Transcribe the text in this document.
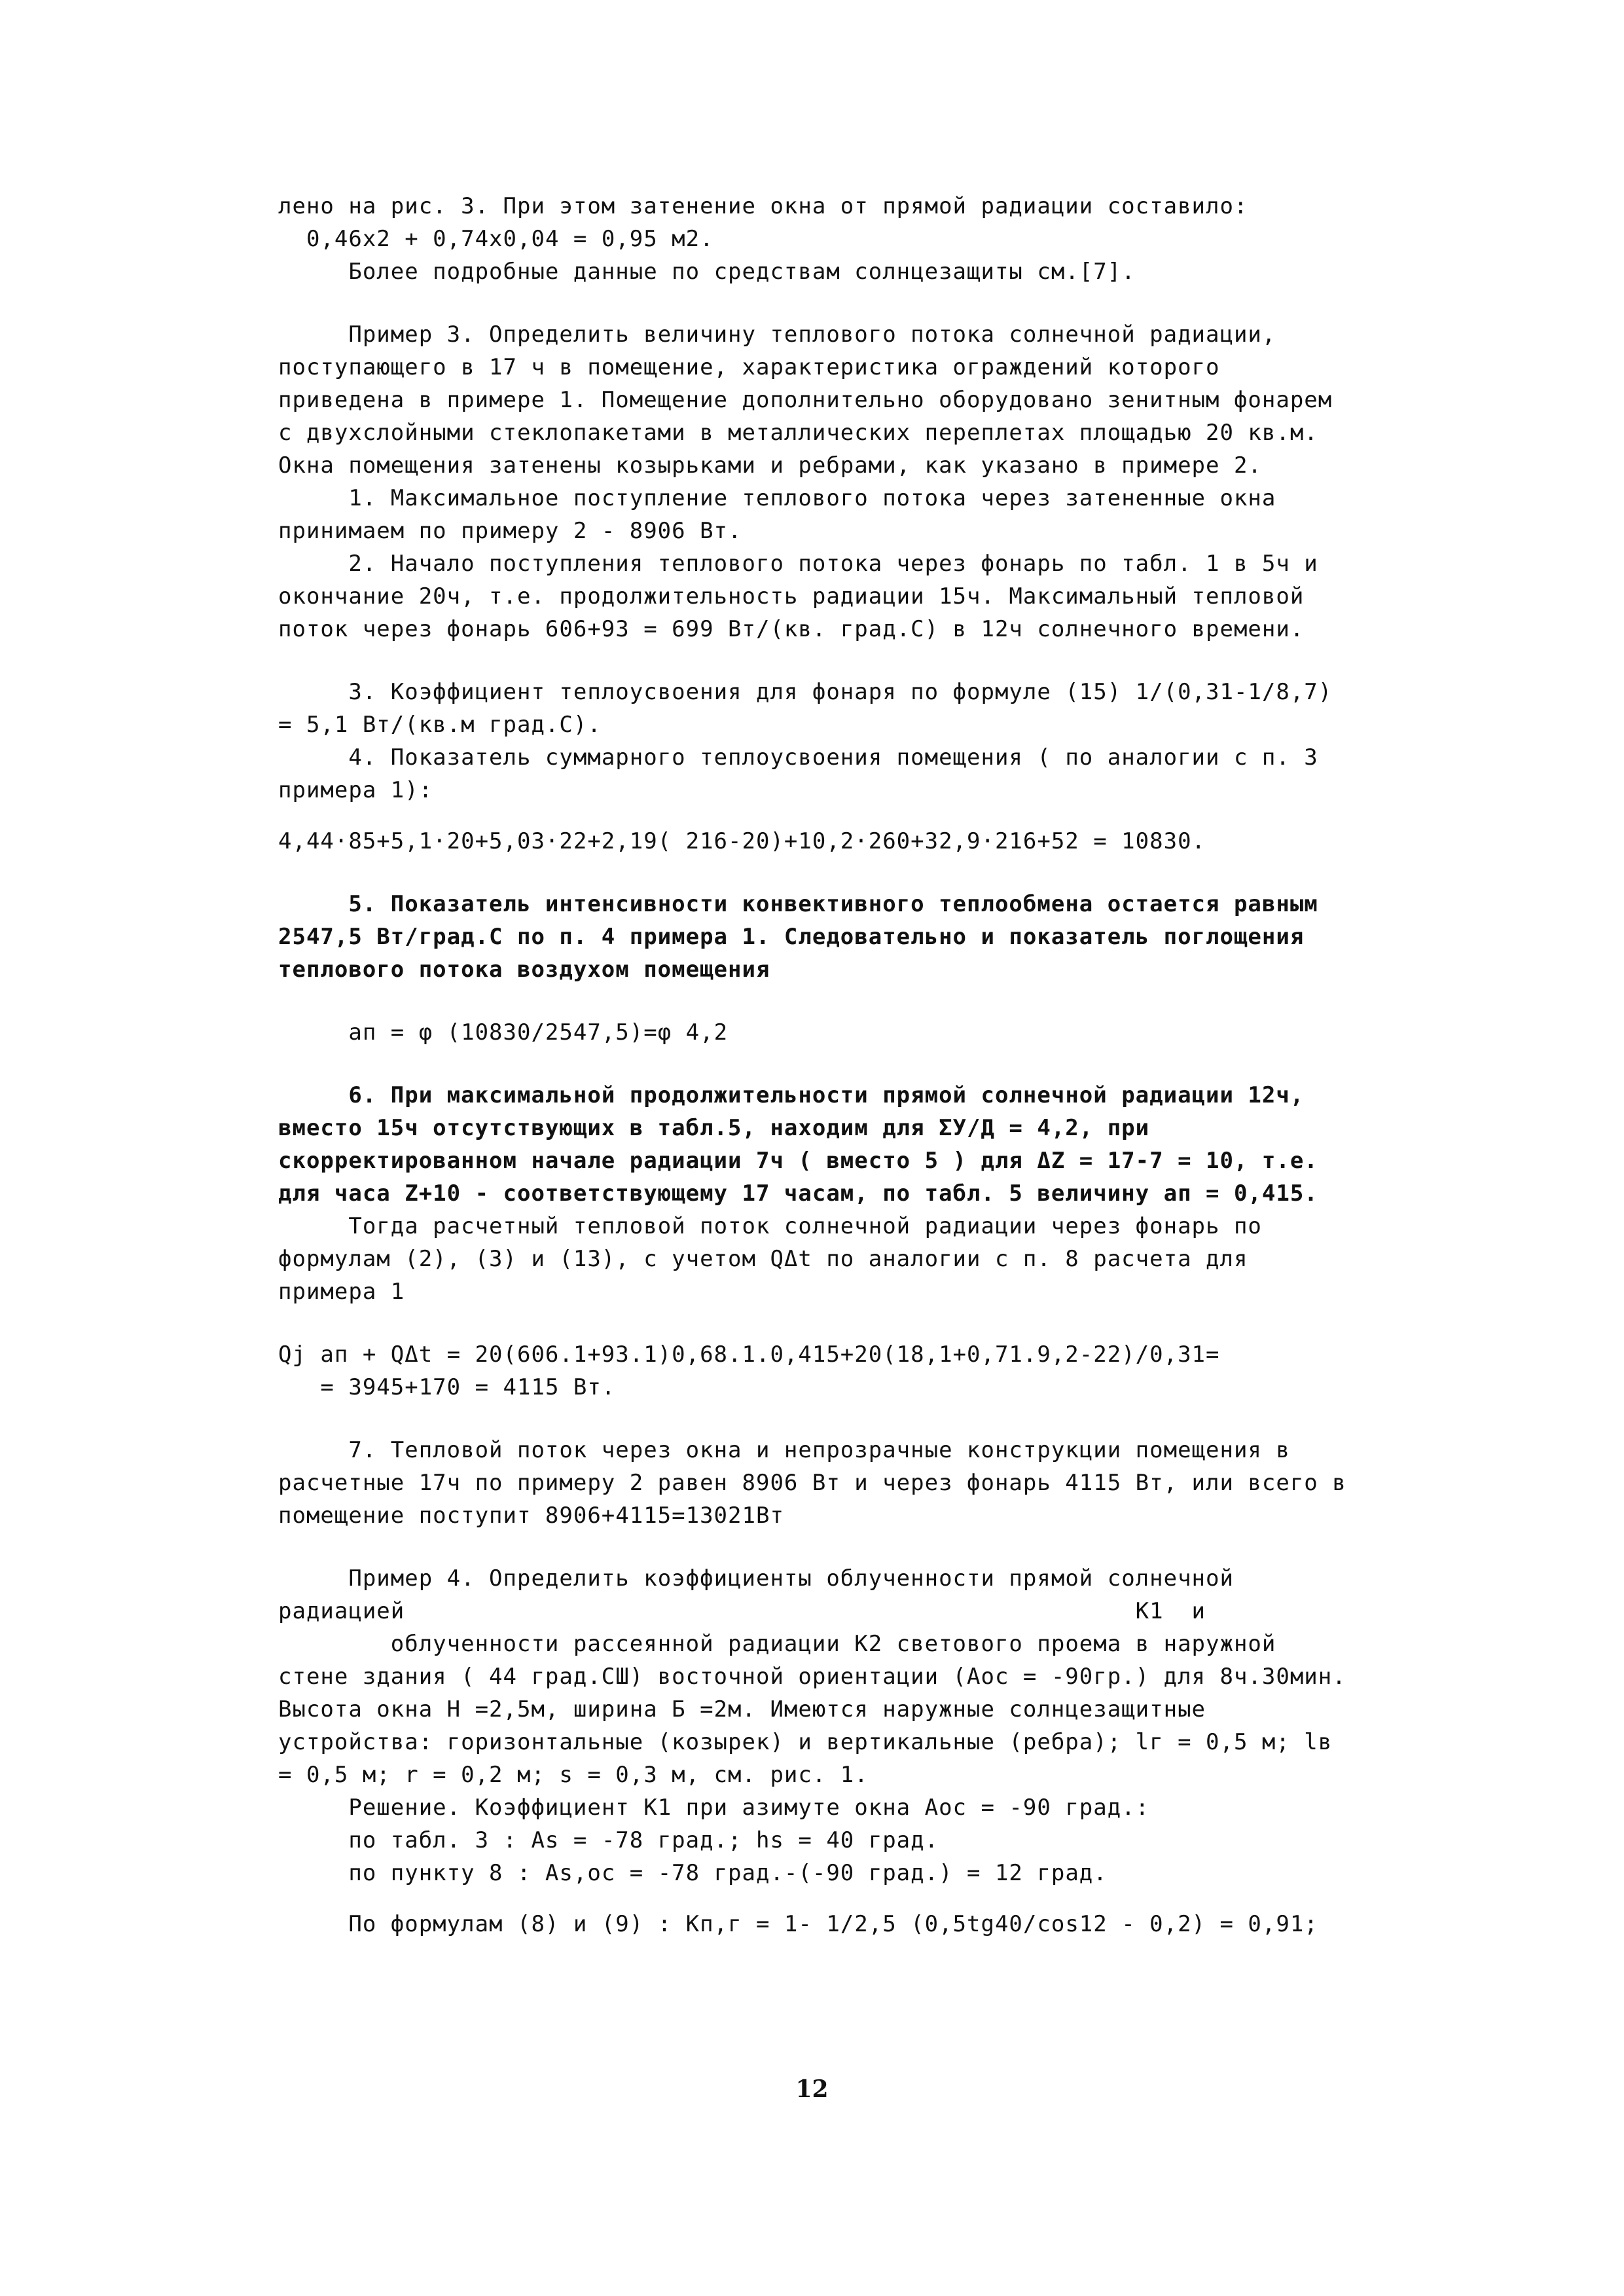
лено на рис. 3. При этом затенение окна от прямой радиации составило:

0,46х2 + 0,74х0,04 = 0,95 м2.

Более подробные данные по средствам солнцезащиты см.[7].

Пример 3. Определить величину теплового потока солнечной радиации, поступающего в 17 ч в помещение, характеристика ограждений которого приведена в примере 1. Помещение дополнительно оборудовано зенитным фонарем с двухслойными стеклопакетами в металлических переплетах площадью 20 кв.м. Окна помещения затенены козырьками и ребрами, как указано в примере 2.

1. Максимальное поступление теплового потока через затененные окна принимаем по примеру 2 - 8906 Вт.

2. Начало поступления теплового потока через фонарь по табл. 1 в 5ч и окончание 20ч, т.е. продолжительность радиации 15ч. Максимальный тепловой поток через фонарь 606+93 = 699 Вт/(кв. град.С) в 12ч солнечного времени.

3. Коэффициент теплоусвоения для фонаря по формуле (15) 1/(0,31-1/8,7) = 5,1 Вт/(кв.м град.С).

4. Показатель суммарного теплоусвоения помещения ( по аналогии с п. 3 примера 1):

4,44·85+5,1·20+5,03·22+2,19( 216-20)+10,2·260+32,9·216+52 = 10830.

5. Показатель интенсивности конвективного теплообмена остается равным 2547,5 Вт/град.С по п. 4 примера 1. Следовательно и показатель поглощения теплового потока воздухом помещения

aп = φ (10830/2547,5)=φ 4,2

6. При максимальной продолжительности прямой солнечной радиации 12ч, вместо 15ч отсутствующих в табл.5, находим для ΣУ/Д = 4,2, при скорректированном начале радиации 7ч ( вместо 5 ) для ΔZ = 17-7 = 10, т.е. для часа Z+10 - соответствующему 17 часам, по табл. 5 величину aп = 0,415.

Тогда расчетный тепловой поток солнечной радиации через фонарь по формулам (2), (3) и (13), с учетом QΔt по аналогии с п. 8 расчета для примера 1

Qj aп + QΔt = 20(606.1+93.1)0,68.1.0,415+20(18,1+0,71.9,2-22)/0,31=

= 3945+170 = 4115 Вт.

7. Тепловой поток через окна и непрозрачные конструкции помещения в расчетные 17ч по примеру 2 равен 8906 Вт и через фонарь 4115 Вт, или всего в помещение поступит 8906+4115=13021Вт

Пример 4. Определить коэффициенты облученности прямой солнечной радиацией                                                    K1  и

облученности рассеянной радиации K2 светового проема в наружной стене здания ( 44 град.СШ) восточной ориентации (Aос = -90гр.) для 8ч.30мин. Высота окна H =2,5м, ширина Б =2м. Имеются наружные солнцезащитные устройства: горизонтальные (козырек) и вертикальные (ребра); lг = 0,5 м; lв = 0,5 м; r = 0,2 м; s = 0,3 м, см. рис. 1.

Решение. Коэффициент K1 при азимуте окна Aос = -90 град.:

по табл. 3 : As = -78 град.; hs = 40 град.

по пункту 8 : As,ос = -78 град.-(-90 град.) = 12 град.

По формулам (8) и (9) : Kп,г = 1- 1/2,5 (0,5tg40/cos12 - 0,2) = 0,91;

12
